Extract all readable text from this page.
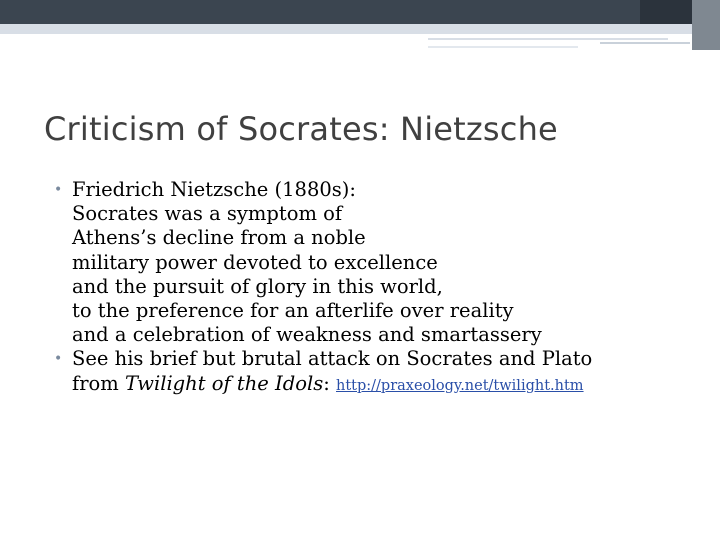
Criticism of Socrates: Nietzsche
• Friedrich Nietzsche (1880s):
Socrates was a symptom of
Athens’s decline from a noble
military power devoted to excellence
and the pursuit of glory in this world,
to the preference for an afterlife over reality
and a celebration of weakness and smartassery
• See his brief but brutal attack on Socrates and Plato
from Twilight of the Idols: http://praxeology.net/twilight.htm
